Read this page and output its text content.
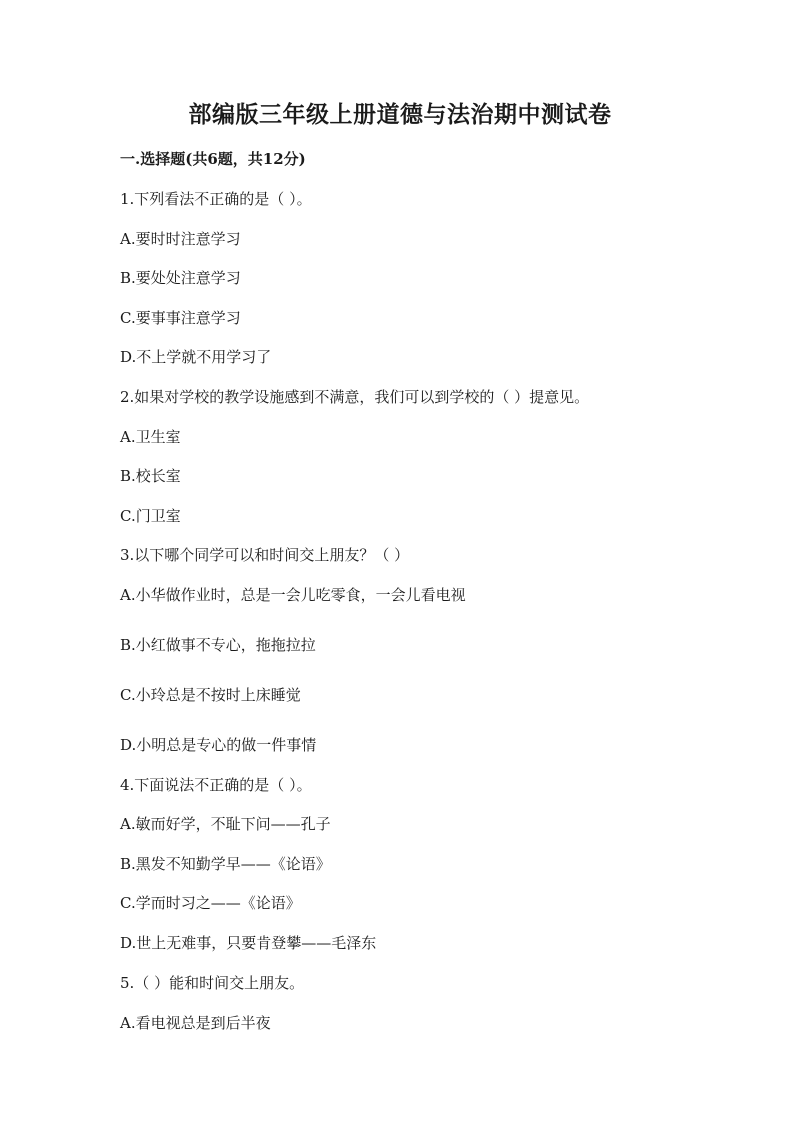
部编版三年级上册道德与法治期中测试卷
一.选择题(共6题，共12分)
1.下列看法不正确的是（ ）。
A.要时时注意学习
B.要处处注意学习
C.要事事注意学习
D.不上学就不用学习了
2.如果对学校的教学设施感到不满意，我们可以到学校的（ ）提意见。
A.卫生室
B.校长室
C.门卫室
3.以下哪个同学可以和时间交上朋友？（ ）
A.小华做作业时，总是一会儿吃零食，一会儿看电视
B.小红做事不专心，拖拖拉拉
C.小玲总是不按时上床睡觉
D.小明总是专心的做一件事情
4.下面说法不正确的是（ ）。
A.敏而好学，不耻下问——孔子
B.黑发不知勤学早——《论语》
C.学而时习之——《论语》
D.世上无难事，只要肯登攀——毛泽东
5.（ ）能和时间交上朋友。
A.看电视总是到后半夜
